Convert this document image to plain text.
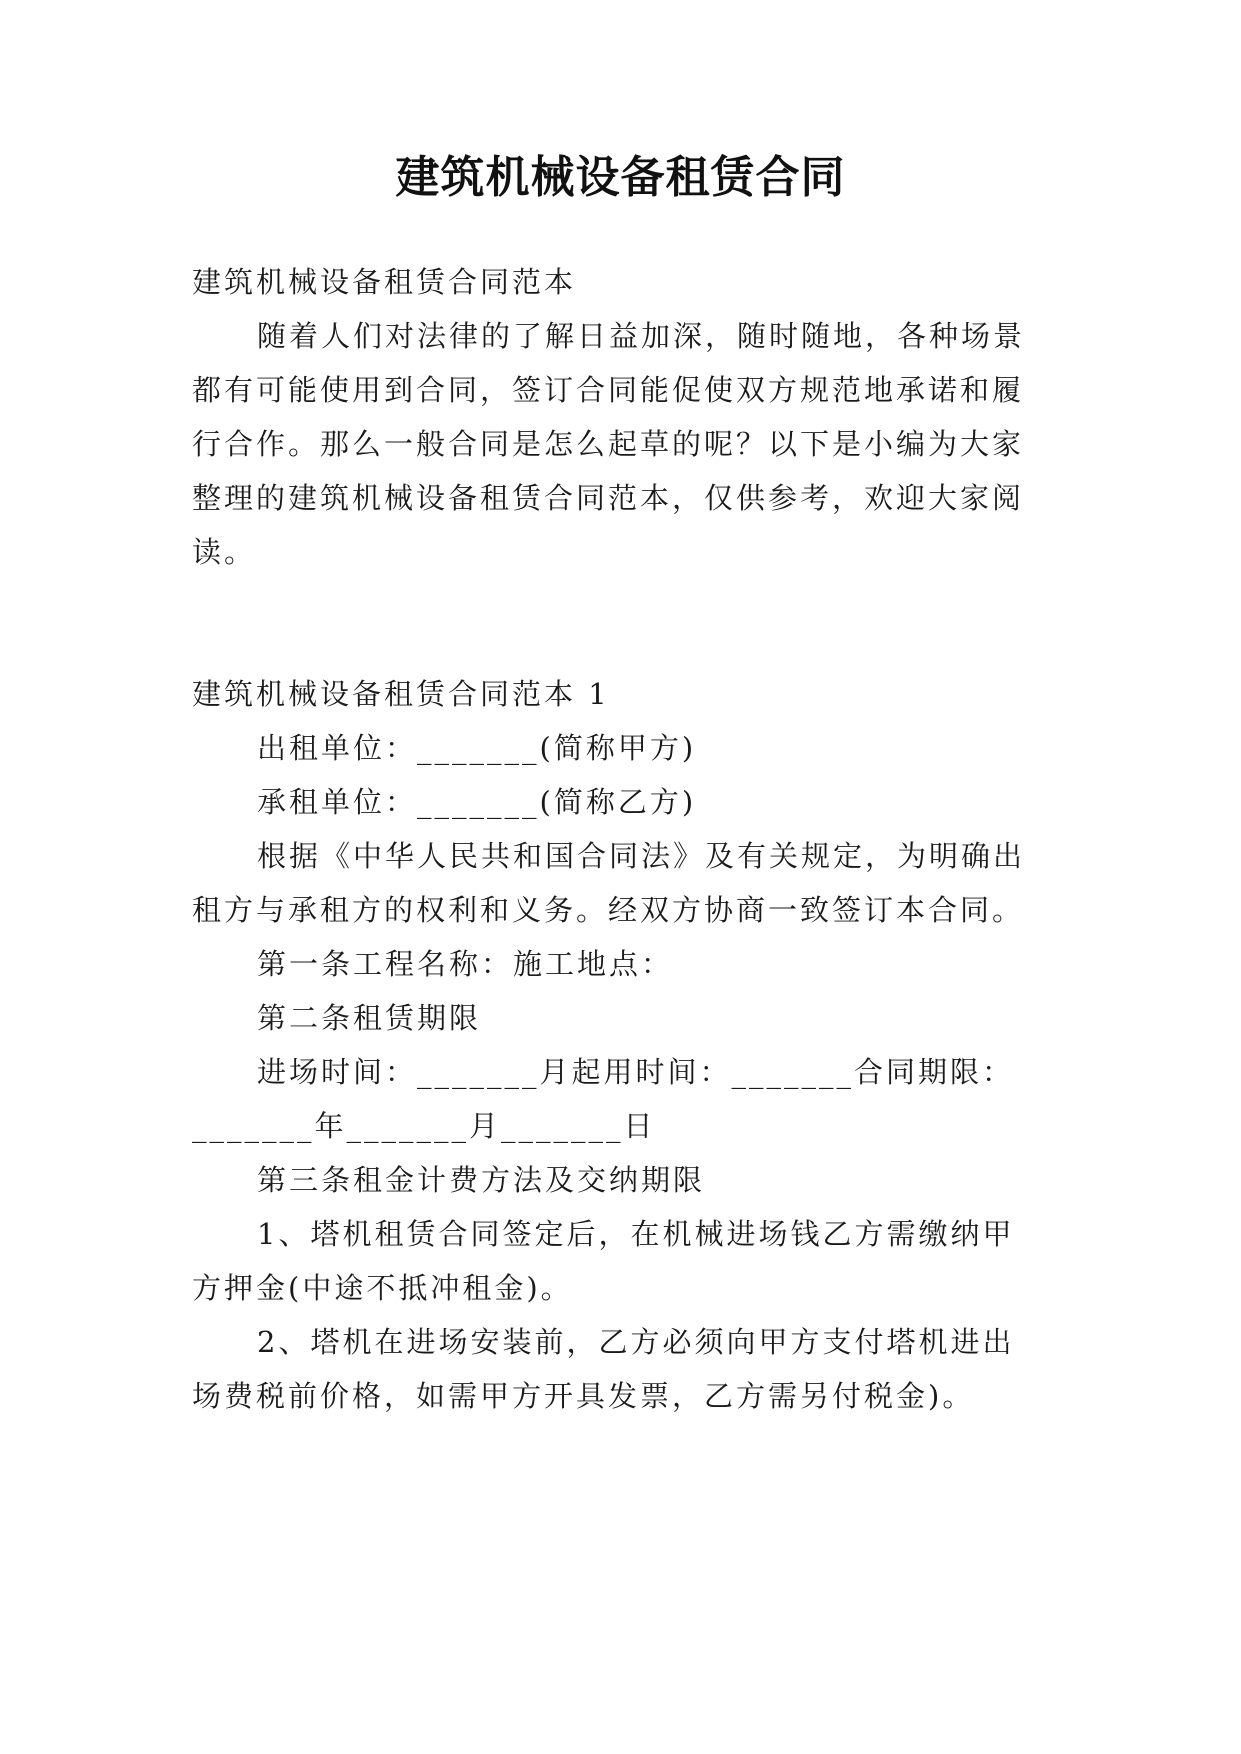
建筑机械设备租赁合同
建筑机械设备租赁合同范本
随着人们对法律的了解日益加深，随时随地，各种场景
都有可能使用到合同，签订合同能促使双方规范地承诺和履
行合作。那么一般合同是怎么起草的呢？以下是小编为大家
整理的建筑机械设备租赁合同范本，仅供参考，欢迎大家阅
读。
建筑机械设备租赁合同范本 1
出租单位：_______(简称甲方)
承租单位：_______(简称乙方)
根据《中华人民共和国合同法》及有关规定，为明确出
租方与承租方的权利和义务。经双方协商一致签订本合同。
第一条工程名称：施工地点：
第二条租赁期限
进场时间：_______月起用时间：_______合同期限：
_______年_______月_______日
第三条租金计费方法及交纳期限
1、塔机租赁合同签定后，在机械进场钱乙方需缴纳甲
方押金(中途不抵冲租金)。
2、塔机在进场安装前，乙方必须向甲方支付塔机进出
场费税前价格，如需甲方开具发票，乙方需另付税金)。
